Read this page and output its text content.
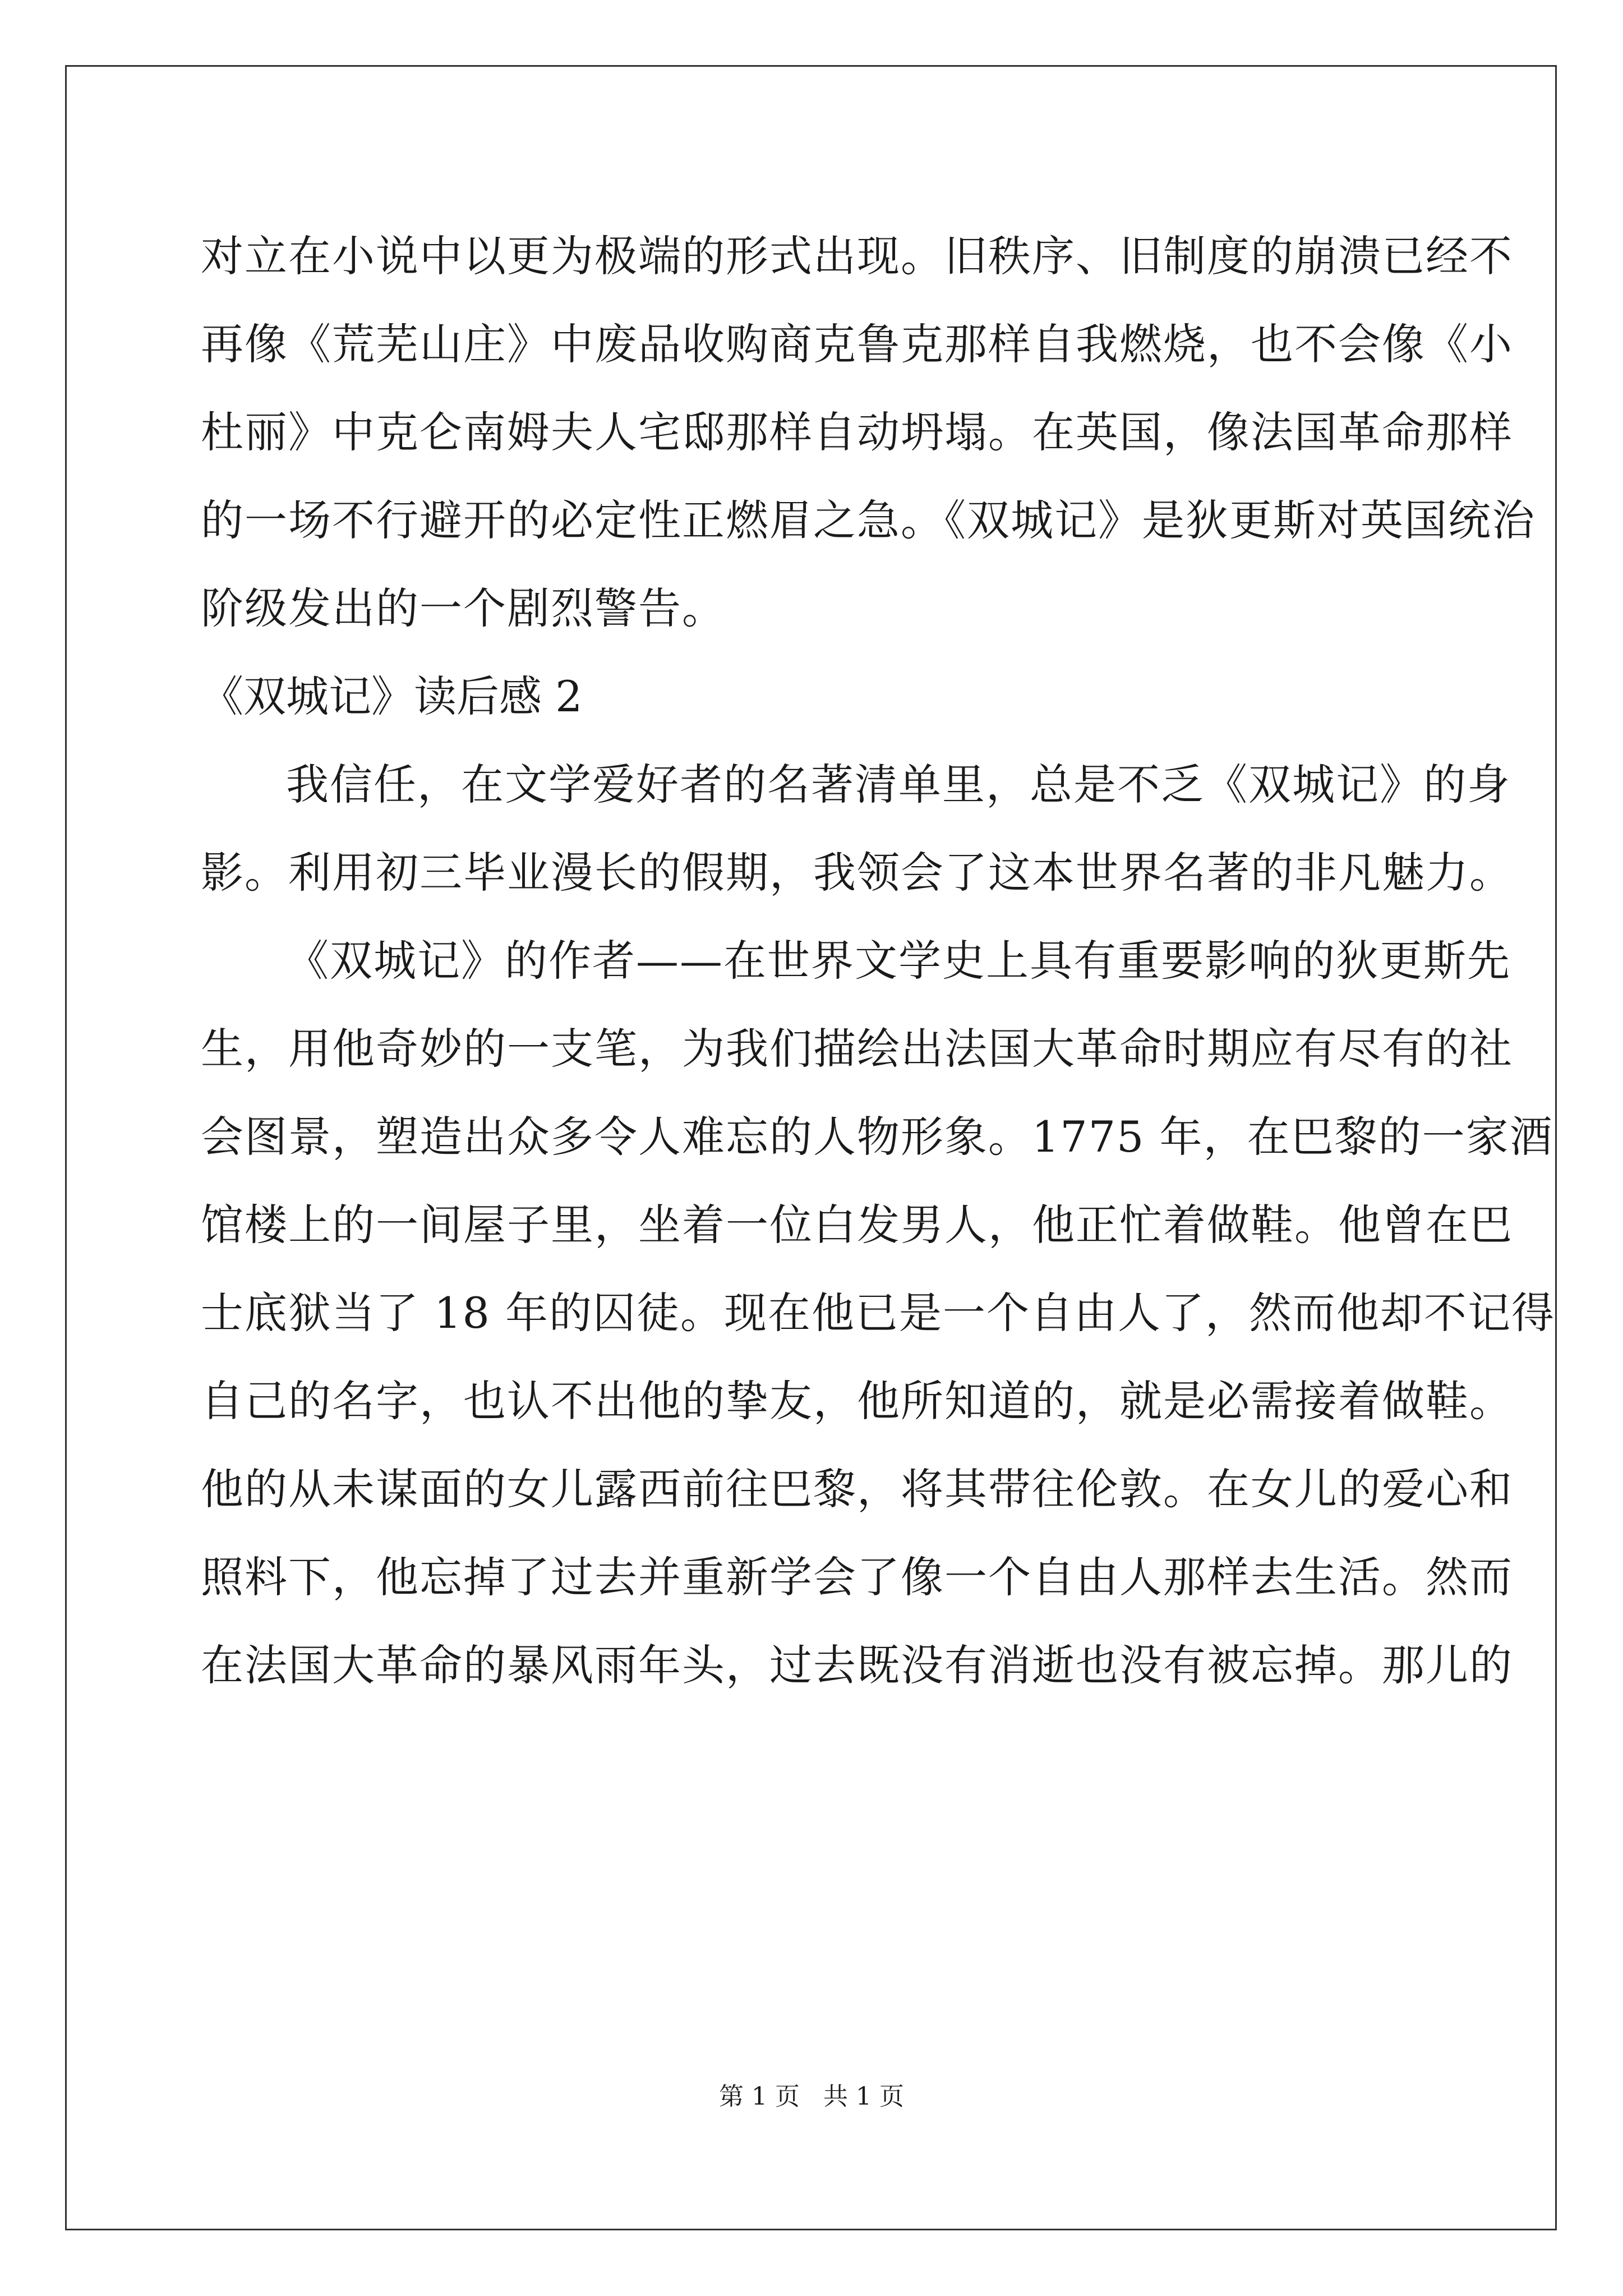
对立在小说中以更为极端的形式出现。旧秩序、旧制度的崩溃已经不
再像《荒芜山庄》中废品收购商克鲁克那样自我燃烧，也不会像《小
杜丽》中克仑南姆夫人宅邸那样自动坍塌。在英国，像法国革命那样
的一场不行避开的必定性正燃眉之急。《双城记》是狄更斯对英国统治
阶级发出的一个剧烈警告。
《双城记》读后感 2
我信任，在文学爱好者的名著清单里，总是不乏《双城记》的身
影。利用初三毕业漫长的假期，我领会了这本世界名著的非凡魅力。
《双城记》的作者——在世界文学史上具有重要影响的狄更斯先
生，用他奇妙的一支笔，为我们描绘出法国大革命时期应有尽有的社
会图景，塑造出众多令人难忘的人物形象。1775 年，在巴黎的一家酒
馆楼上的一间屋子里，坐着一位白发男人，他正忙着做鞋。他曾在巴
士底狱当了 18 年的囚徒。现在他已是一个自由人了，然而他却不记得
自己的名字，也认不出他的挚友，他所知道的，就是必需接着做鞋。
他的从未谋面的女儿露西前往巴黎，将其带往伦敦。在女儿的爱心和
照料下，他忘掉了过去并重新学会了像一个自由人那样去生活。然而
在法国大革命的暴风雨年头，过去既没有消逝也没有被忘掉。那儿的
第 1 页   共 1 页
